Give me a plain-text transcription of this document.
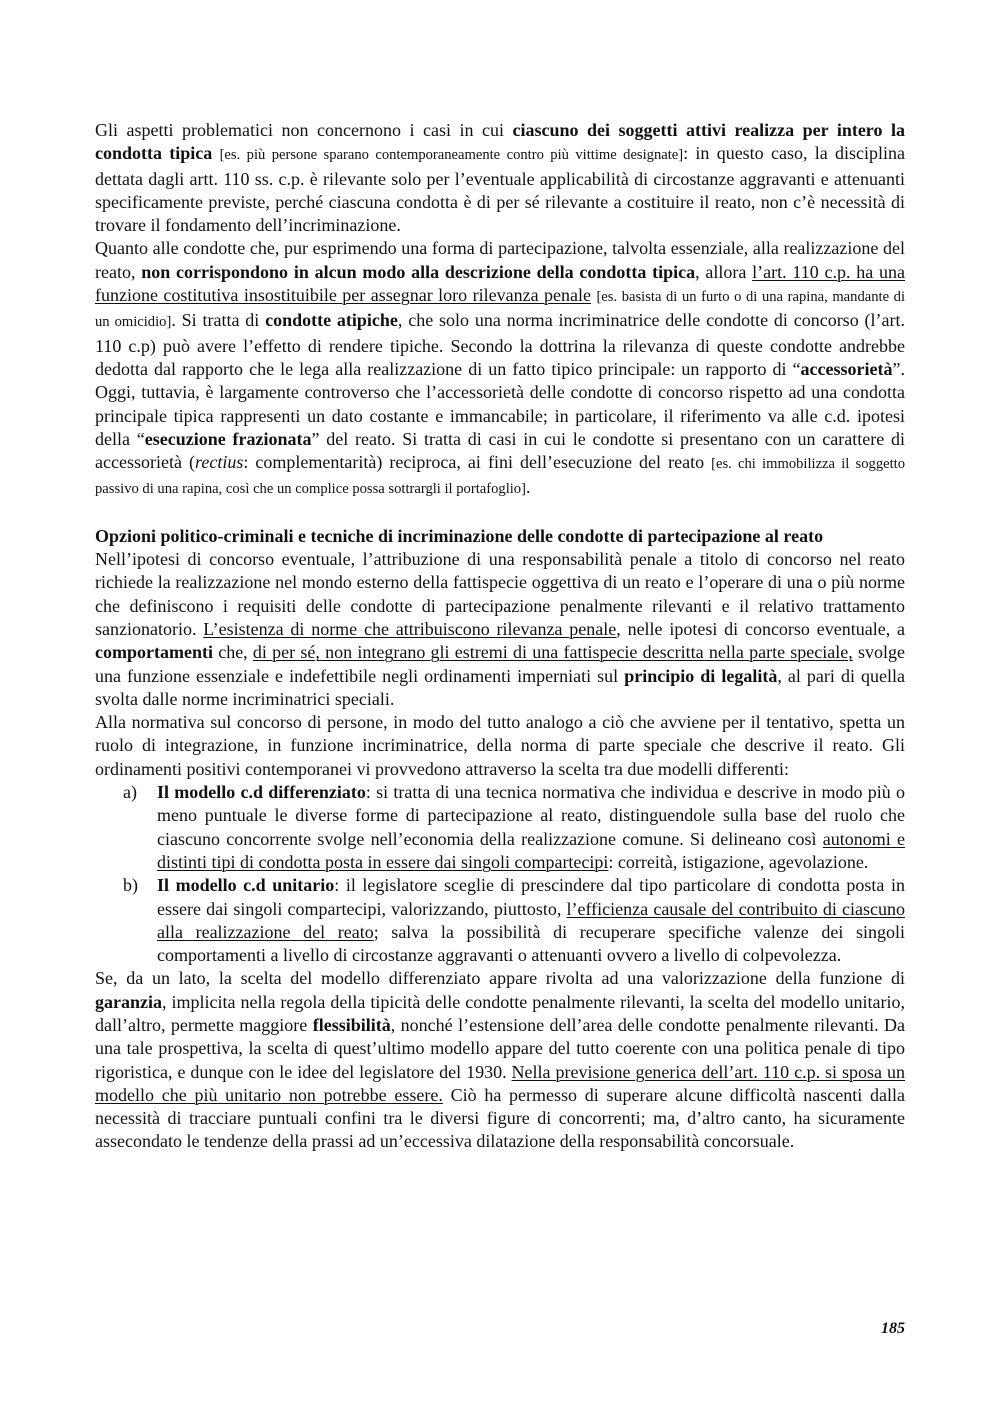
Gli aspetti problematici non concernono i casi in cui ciascuno dei soggetti attivi realizza per intero la condotta tipica [es. più persone sparano contemporaneamente contro più vittime designate]: in questo caso, la disciplina dettata dagli artt. 110 ss. c.p. è rilevante solo per l’eventuale applicabilità di circostanze aggravanti e attenuanti specificamente previste, perché ciascuna condotta è di per sé rilevante a costituire il reato, non c’è necessità di trovare il fondamento dell’incriminazione.

Quanto alle condotte che, pur esprimendo una forma di partecipazione, talvolta essenziale, alla realizzazione del reato, non corrispondono in alcun modo alla descrizione della condotta tipica, allora l’art. 110 c.p. ha una funzione costitutiva insostituibile per assegnar loro rilevanza penale [es. basista di un furto o di una rapina, mandante di un omicidio]. Si tratta di condotte atipiche, che solo una norma incriminatrice delle condotte di concorso (l’art. 110 c.p) può avere l’effetto di rendere tipiche. Secondo la dottrina la rilevanza di queste condotte andrebbe dedotta dal rapporto che le lega alla realizzazione di un fatto tipico principale: un rapporto di “accessorietà”. Oggi, tuttavia, è largamente controverso che l’accessorietà delle condotte di concorso rispetto ad una condotta principale tipica rappresenti un dato costante e immancabile; in particolare, il riferimento va alle c.d. ipotesi della “esecuzione frazionata” del reato. Si tratta di casi in cui le condotte si presentano con un carattere di accessorietà (rectius: complementarità) reciproca, ai fini dell’esecuzione del reato [es. chi immobilizza il soggetto passivo di una rapina, così che un complice possa sottrargli il portafoglio].

Opzioni politico-criminali e tecniche di incriminazione delle condotte di partecipazione al reato

Nell’ipotesi di concorso eventuale, l’attribuzione di una responsabilità penale a titolo di concorso nel reato richiede la realizzazione nel mondo esterno della fattispecie oggettiva di un reato e l’operare di una o più norme che definiscono i requisiti delle condotte di partecipazione penalmente rilevanti e il relativo trattamento sanzionatorio. L’esistenza di norme che attribuiscono rilevanza penale, nelle ipotesi di concorso eventuale, a comportamenti che, di per sé, non integrano gli estremi di una fattispecie descritta nella parte speciale, svolge una funzione essenziale e indefettibile negli ordinamenti imperniati sul principio di legalità, al pari di quella svolta dalle norme incriminatrici speciali.

Alla normativa sul concorso di persone, in modo del tutto analogo a ciò che avviene per il tentativo, spetta un ruolo di integrazione, in funzione incriminatrice, della norma di parte speciale che descrive il reato. Gli ordinamenti positivi contemporanei vi provvedono attraverso la scelta tra due modelli differenti:

a)	Il modello c.d differenziato: si tratta di una tecnica normativa che individua e descrive in modo più o meno puntuale le diverse forme di partecipazione al reato, distinguendole sulla base del ruolo che ciascuno concorrente svolge nell’economia della realizzazione comune. Si delineano così autonomi e distinti tipi di condotta posta in essere dai singoli compartecipi: correità, istigazione, agevolazione.
b)	Il modello c.d unitario: il legislatore sceglie di prescindere dal tipo particolare di condotta posta in essere dai singoli compartecipi, valorizzando, piuttosto, l’efficienza causale del contribuito di ciascuno alla realizzazione del reato; salva la possibilità di recuperare specifiche valenze dei singoli comportamenti a livello di circostanze aggravanti o attenuanti ovvero a livello di colpevolezza.

Se, da un lato, la scelta del modello differenziato appare rivolta ad una valorizzazione della funzione di garanzia, implicita nella regola della tipicità delle condotte penalmente rilevanti, la scelta del modello unitario, dall’altro, permette maggiore flessibilità, nonché l’estensione dell’area delle condotte penalmente rilevanti. Da una tale prospettiva, la scelta di quest’ultimo modello appare del tutto coerente con una politica penale di tipo rigoristica, e dunque con le idee del legislatore del 1930. Nella previsione generica dell’art. 110 c.p. si sposa un modello che più unitario non potrebbe essere. Ciò ha permesso di superare alcune difficoltà nascenti dalla necessità di tracciare puntuali confini tra le diversi figure di concorrenti; ma, d’altro canto, ha sicuramente assecondato le tendenze della prassi ad un’eccessiva dilatazione della responsabilità concorsuale.

185
